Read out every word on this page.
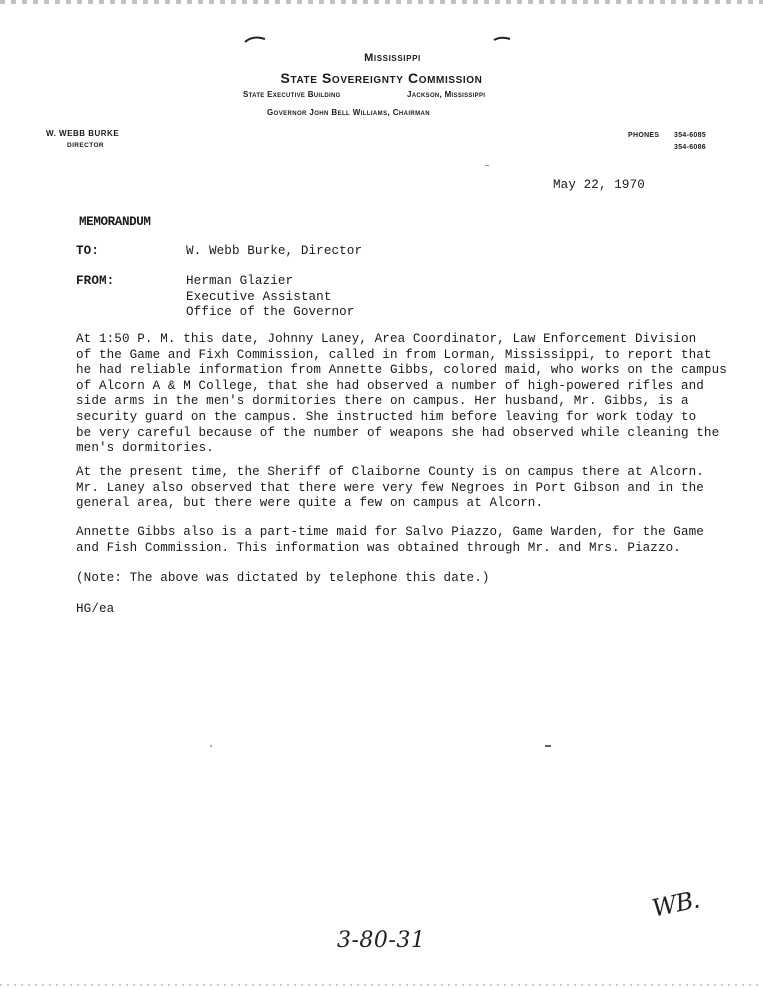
Mississippi
State Sovereignty Commission
State Executive Building	Jackson, Mississippi
Governor John Bell Williams, Chairman
W. WEBB BURKE
DIRECTOR
PHONES 354-6085
354-6086
May 22, 1970
MEMORANDUM
TO:	W. Webb Burke, Director
FROM:	Herman Glazier
Executive Assistant
Office of the Governor
At 1:50 P. M. this date, Johnny Laney, Area Coordinator, Law Enforcement Division
of the Game and Fixh Commission, called in from Lorman, Mississippi, to report that
he had reliable information from Annette Gibbs, colored maid, who works on the campus
of Alcorn A & M College, that she had observed a number of high-powered rifles and
side arms in the men's dormitories there on campus. Her husband, Mr. Gibbs, is a
security guard on the campus. She instructed him before leaving for work today to
be very careful because of the number of weapons she had observed while cleaning the
men's dormitories.
At the present time, the Sheriff of Claiborne County is on campus there at Alcorn.
Mr. Laney also observed that there were very few Negroes in Port Gibson and in the
general area, but there were quite a few on campus at Alcorn.
Annette Gibbs also is a part-time maid for Salvo Piazzo, Game Warden, for the Game
and Fish Commission. This information was obtained through Mr. and Mrs. Piazzo.
(Note: The above was dictated by telephone this date.)
HG/ea
WB.
3-80-31
